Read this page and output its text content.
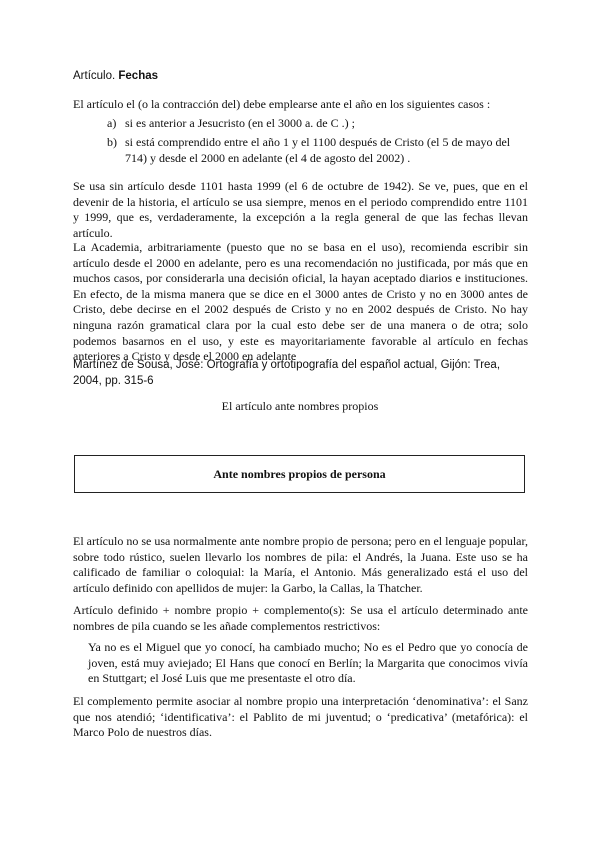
Artículo. Fechas
El artículo el (o la contracción del) debe emplearse ante el año en los siguientes casos :
a) si es anterior a Jesucristo (en el 3000 a. de C .) ;
b) si está comprendido entre el año 1 y el 1100 después de Cristo (el 5 de mayo del 714) y desde el 2000 en adelante (el 4 de agosto del 2002) .
Se usa sin artículo desde 1101 hasta 1999 (el 6 de octubre de 1942). Se ve, pues, que en el devenir de la historia, el artículo se usa siempre, menos en el periodo comprendido entre 1101 y 1999, que es, verdaderamente, la excepción a la regla general de que las fechas llevan artículo.
La Academia, arbitrariamente (puesto que no se basa en el uso), recomienda escribir sin artículo desde el 2000 en adelante, pero es una recomendación no justificada, por más que en muchos casos, por considerarla una decisión oficial, la hayan aceptado diarios e instituciones. En efecto, de la misma manera que se dice en el 3000 antes de Cristo y no en 3000 antes de Cristo, debe decirse en el 2002 después de Cristo y no en 2002 después de Cristo. No hay ninguna razón gramatical clara por la cual esto debe ser de una manera o de otra; solo podemos basarnos en el uso, y este es mayoritariamente favorable al artículo en fechas anteriores a Cristo y desde el 2000 en adelante
Martínez de Sousa, José: Ortografía y ortotipografía del español actual, Gijón: Trea, 2004, pp. 315-6
El artículo ante nombres propios
Ante nombres propios de persona
El artículo no se usa normalmente ante nombre propio de persona; pero en el lenguaje popular, sobre todo rústico, suelen llevarlo los nombres de pila: el Andrés, la Juana. Este uso se ha calificado de familiar o coloquial: la María, el Antonio. Más generalizado está el uso del artículo definido con apellidos de mujer: la Garbo, la Callas, la Thatcher.
Artículo definido + nombre propio + complemento(s): Se usa el artículo determinado ante nombres de pila cuando se les añade complementos restrictivos:
Ya no es el Miguel que yo conocí, ha cambiado mucho; No es el Pedro que yo conocía de joven, está muy aviejado; El Hans que conocí en Berlín; la Margarita que conocimos vivía en Stuttgart; el José Luis que me presentaste el otro día.
El complemento permite asociar al nombre propio una interpretación ‘denominativa’: el Sanz que nos atendió; ‘identificativa’: el Pablito de mi juventud; o ‘predicativa’ (metafórica): el Marco Polo de nuestros días.
